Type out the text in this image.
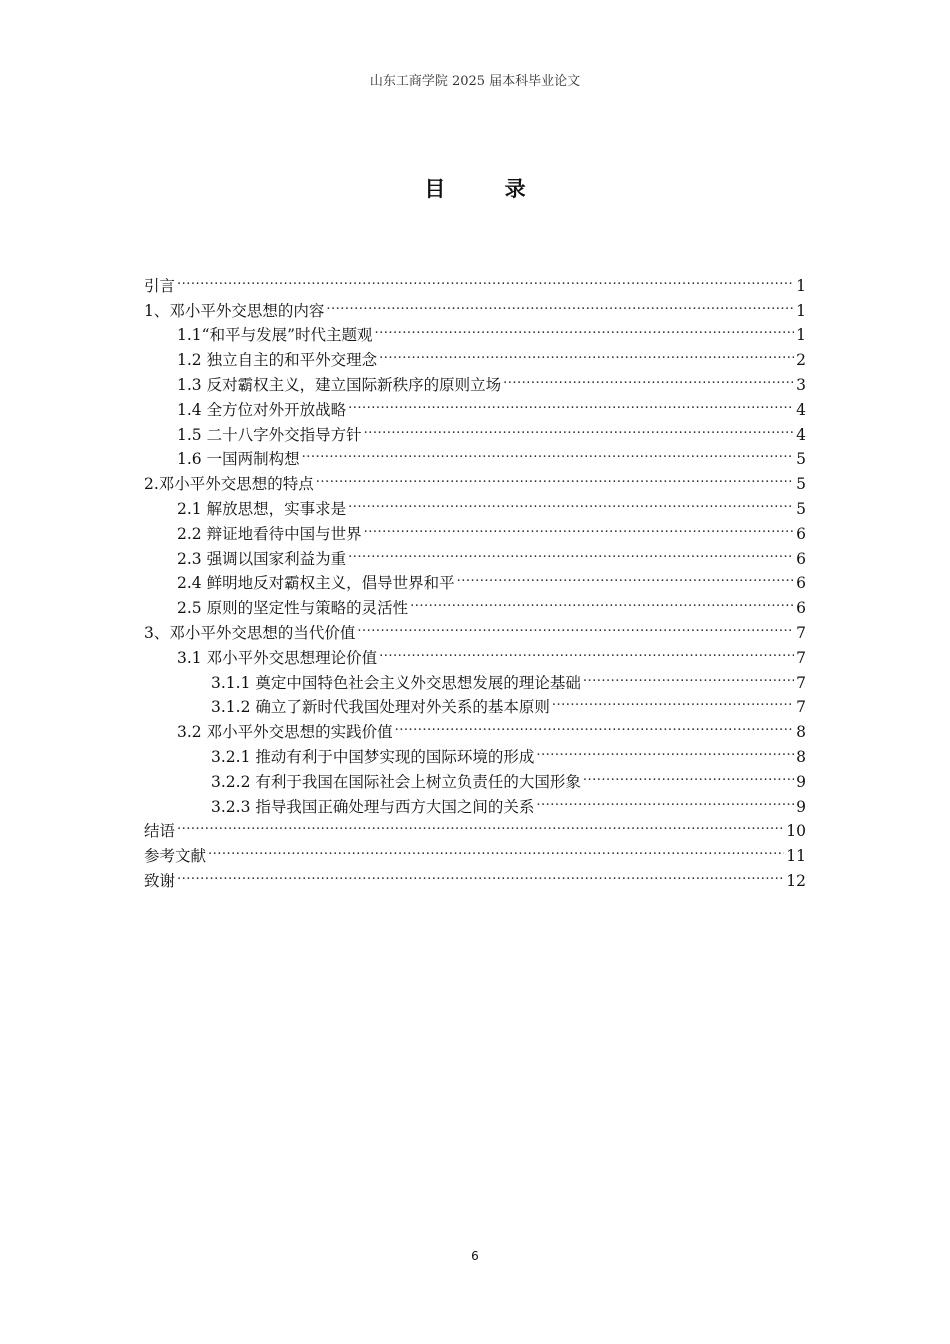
山东工商学院 2025 届本科毕业论文
目 录
引言 .....	1
1、邓小平外交思想的内容 .....	1
1.1“和平与发展”时代主题观 .....	1
1.2 独立自主的和平外交理念 .....	2
1.3 反对霸权主义，建立国际新秩序的原则立场 .....	3
1.4 全方位对外开放战略 .....	4
1.5 二十八字外交指导方针 .....	4
1.6 一国两制构想 .....	5
2.邓小平外交思想的特点 .....	5
2.1 解放思想，实事求是 .....	5
2.2 辩证地看待中国与世界 .....	6
2.3 强调以国家利益为重 .....	6
2.4 鲜明地反对霸权主义，倡导世界和平 .....	6
2.5 原则的坚定性与策略的灵活性 .....	6
3、邓小平外交思想的当代价值 .....	7
3.1 邓小平外交思想理论价值 .....	7
3.1.1 奠定中国特色社会主义外交思想发展的理论基础 .....	7
3.1.2 确立了新时代我国处理对外关系的基本原则 .....	7
3.2 邓小平外交思想的实践价值 .....	8
3.2.1 推动有利于中国梦实现的国际环境的形成 .....	8
3.2.2 有利于我国在国际社会上树立负责任的大国形象 .....	9
3.2.3 指导我国正确处理与西方大国之间的关系 .....	9
结语 .....	10
参考文献 .....	11
致谢 .....	12
6
